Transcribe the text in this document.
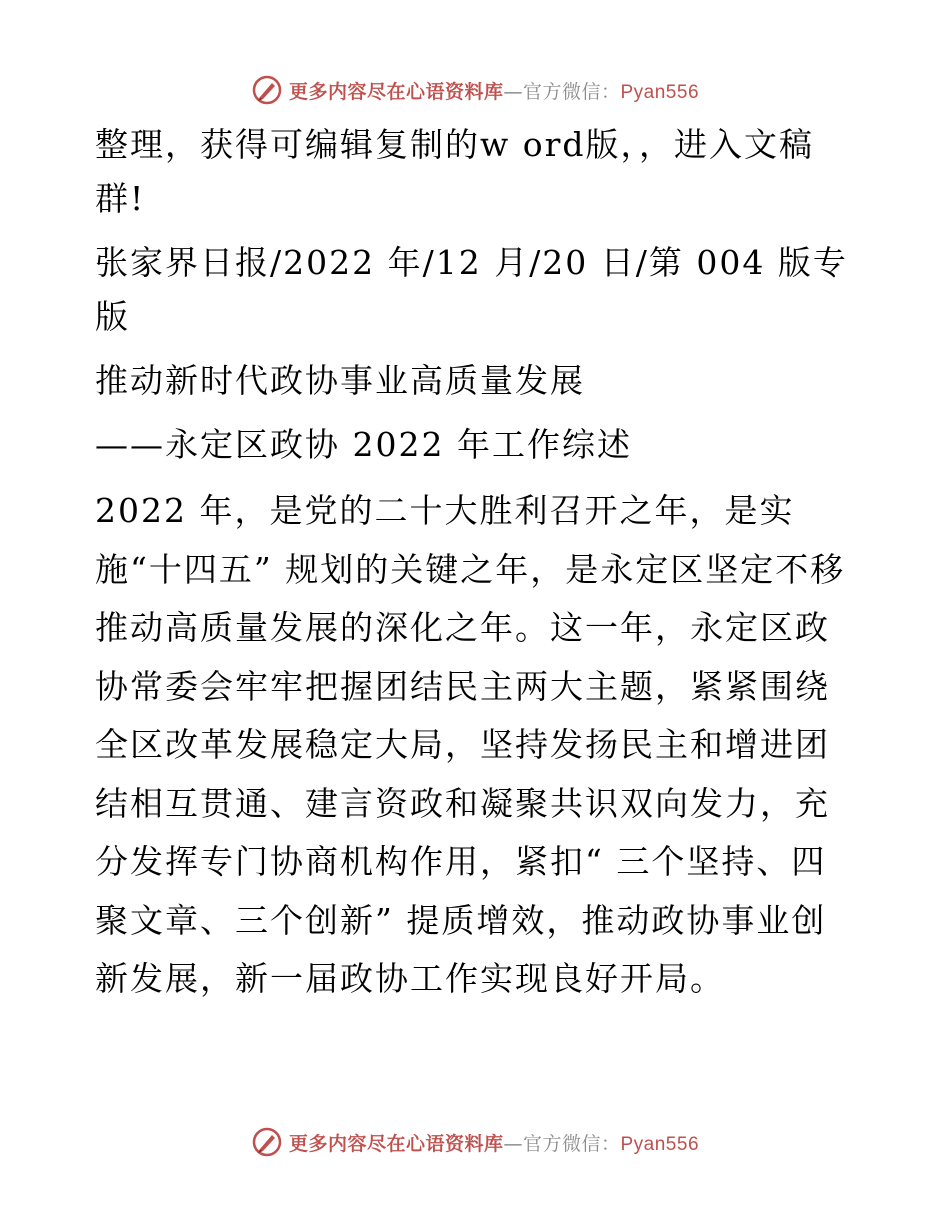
更多内容尽在心语资料库—官方微信：Pyan556

整理，获得可编辑复制的w ord版，，进入文稿群!

张家界日报/2022 年/12 月/20 日/第 004 版专版

推动新时代政协事业高质量发展

——永定区政协 2022 年工作综述

2022 年，是党的二十大胜利召开之年，是实施“十四五” 规划的关键之年，是永定区坚定不移推动高质量发展的深化之年。这一年，永定区政协常委会牢牢把握团结民主两大主题，紧紧围绕全区改革发展稳定大局，坚持发扬民主和增进团结相互贯通、建言资政和凝聚共识双向发力，充分发挥专门协商机构作用，紧扣“ 三个坚持、四聚文章、三个创新” 提质增效，推动政协事业创新发展，新一届政协工作实现良好开局。

更多内容尽在心语资料库—官方微信：Pyan556
